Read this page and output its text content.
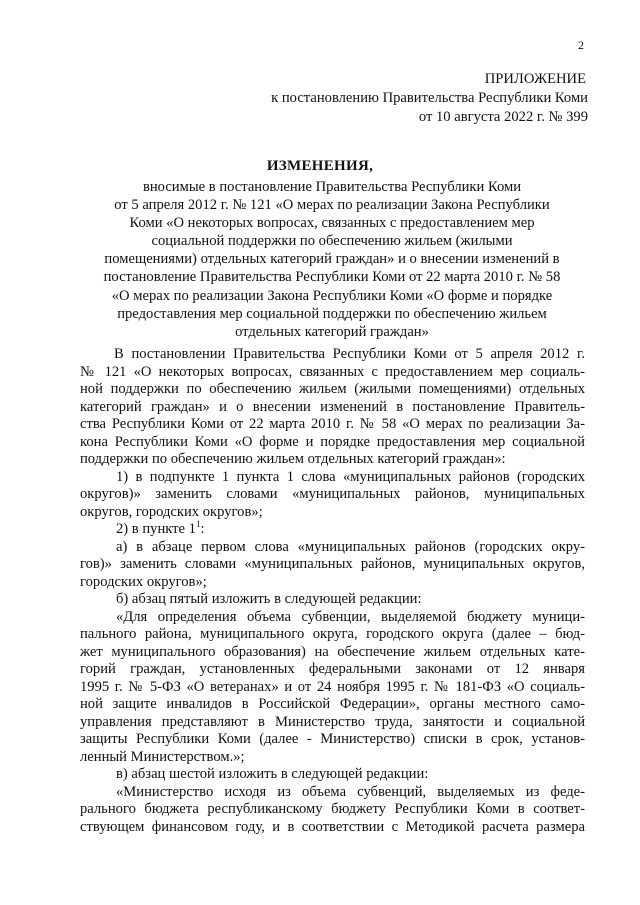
2
ПРИЛОЖЕНИЕ
к постановлению Правительства Республики Коми
от 10 августа 2022 г. № 399
ИЗМЕНЕНИЯ,
вносимые в постановление Правительства Республики Коми
от 5 апреля 2012 г. № 121 «О мерах по реализации Закона Республики
Коми «О некоторых вопросах, связанных с предоставлением мер
социальной поддержки по обеспечению жильем (жилыми
помещениями) отдельных категорий граждан» и о внесении изменений в
постановление Правительства Республики Коми от 22 марта 2010 г. № 58
«О мерах по реализации Закона Республики Коми «О форме и порядке
предоставления мер социальной поддержки по обеспечению жильем
отдельных категорий граждан»
В постановлении Правительства Республики Коми от 5 апреля 2012 г.
№ 121 «О некоторых вопросах, связанных с предоставлением мер социаль-
ной поддержки по обеспечению жильем (жилыми помещениями) отдельных
категорий граждан» и о внесении изменений в постановление Правитель-
ства Республики Коми от 22 марта 2010 г. № 58 «О мерах по реализации За-
кона Республики Коми «О форме и порядке предоставления мер социальной
поддержки по обеспечению жильем отдельных категорий граждан»:
1) в подпункте 1 пункта 1 слова «муниципальных районов (городских
округов)» заменить словами «муниципальных районов, муниципальных
округов, городских округов»;
2) в пункте $1^1$:
а) в абзаце первом слова «муниципальных районов (городских окру-
гов)» заменить словами «муниципальных районов, муниципальных округов,
городских округов»;
б) абзац пятый изложить в следующей редакции:
«Для определения объема субвенции, выделяемой бюджету муници-
пального района, муниципального округа, городского округа (далее – бюд-
жет муниципального образования) на обеспечение жильем отдельных кате-
горий граждан, установленных федеральными законами от 12 января
1995 г. № 5-ФЗ «О ветеранах» и от 24 ноября 1995 г. № 181-ФЗ «О социаль-
ной защите инвалидов в Российской Федерации», органы местного само-
управления представляют в Министерство труда, занятости и социальной
защиты Республики Коми (далее - Министерство) списки в срок, установ-
ленный Министерством.»;
в) абзац шестой изложить в следующей редакции:
«Министерство исходя из объема субвенций, выделяемых из феде-
рального бюджета республиканскому бюджету Республики Коми в соответ-
ствующем финансовом году, и в соответствии с Методикой расчета размера
